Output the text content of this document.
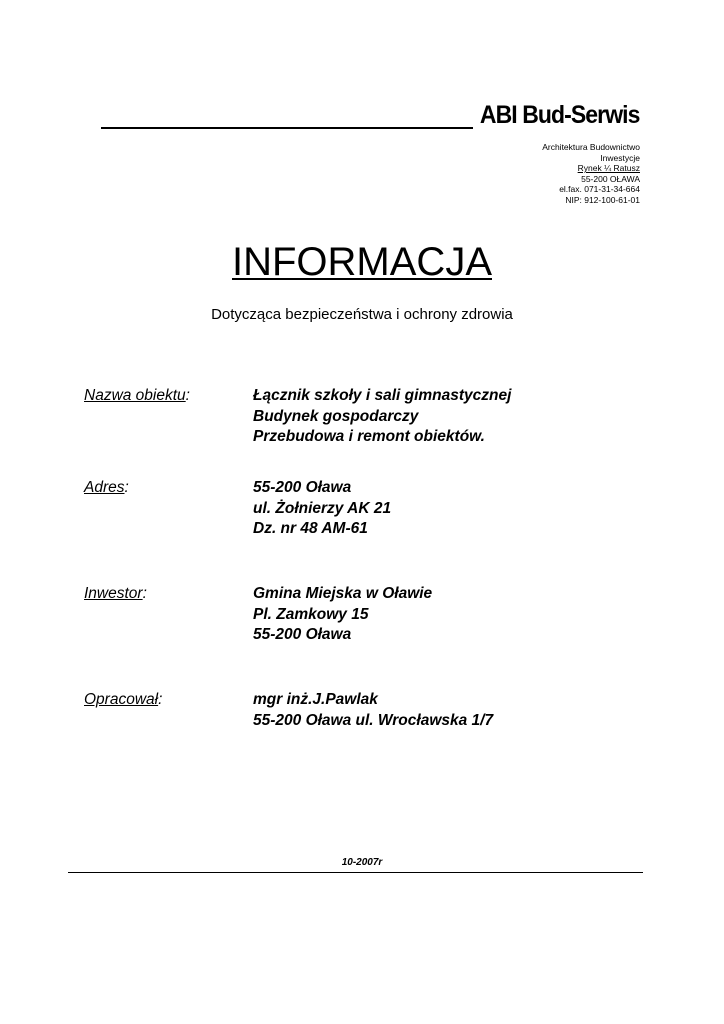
ABI Bud-Serwis
Architektura Budownictwo
Inwestycje
Rynek ¼ Ratusz
55-200 OŁAWA
el.fax. 071-31-34-664
NIP: 912-100-61-01
INFORMACJA
Dotycząca bezpieczeństwa i ochrony zdrowia
Nazwa obiektu:	Łącznik szkoły i sali gimnastycznej
Budynek gospodarczy
Przebudowa i remont obiektów.
Adres:	55-200 Oława
ul. Żołnierzy AK 21
Dz. nr 48 AM-61
Inwestor:	Gmina Miejska w Oławie
Pl. Zamkowy 15
55-200 Oława
Opracował:	mgr inż.J.Pawlak
55-200 Oława ul. Wrocławska 1/7
10-2007r
